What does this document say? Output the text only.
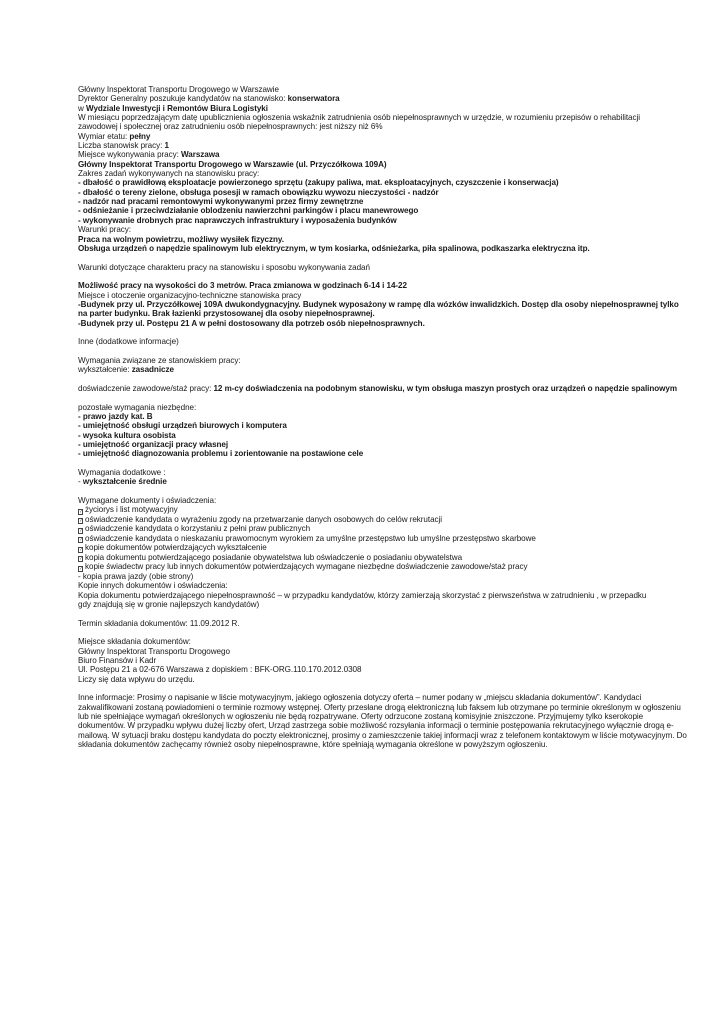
Główny Inspektorat Transportu Drogowego w Warszawie
Dyrektor Generalny poszukuje kandydatów na stanowisko: konserwatora
w Wydziale Inwestycji i Remontów Biura Logistyki
W miesiącu poprzedzającym datę upublicznienia ogłoszenia wskaźnik zatrudnienia osób niepełnosprawnych w urzędzie, w rozumieniu przepisów o rehabilitacji
zawodowej i społecznej oraz zatrudnieniu osób niepełnosprawnych: jest niższy niż 6%
Wymiar etatu: pełny
Liczba stanowisk pracy: 1
Miejsce wykonywania pracy: Warszawa
Główny Inspektorat Transportu Drogowego w Warszawie (ul. Przyczółkowa 109A)
Zakres zadań wykonywanych na stanowisku pracy:
- dbałość o prawidłową eksploatacje powierzonego sprzętu (zakupy paliwa, mat. eksploatacyjnych, czyszczenie i konserwacja)
- dbałość o tereny zielone, obsługa posesji w ramach obowiązku wywozu nieczystości - nadzór
- nadzór nad pracami remontowymi wykonywanymi przez firmy zewnętrzne
- odśnieżanie i przeciwdziałanie oblodzeniu nawierzchni parkingów i placu manewrowego
- wykonywanie drobnych prac naprawczych infrastruktury i wyposażenia budynków
Warunki pracy:
Praca na wolnym powietrzu, możliwy wysiłek fizyczny.
Obsługa urządzeń o napędzie spalinowym lub elektrycznym, w tym kosiarka, odśnieżarka, piła spalinowa, podkaszarka elektryczna itp.
Warunki dotyczące charakteru pracy na stanowisku i sposobu wykonywania zadań
Możliwość pracy na wysokości do 3 metrów. Praca zmianowa w godzinach 6-14 i 14-22
Miejsce i otoczenie organizacyjno-techniczne stanowiska pracy
-Budynek przy ul. Przyczółkowej 109A dwukondygnacyjny. Budynek wyposażony w rampę dla wózków inwalidzkich. Dostęp dla osoby niepełnosprawnej tylko
na parter budynku. Brak łazienki przystosowanej dla osoby niepełnosprawnej.
-Budynek przy ul. Postępu 21 A w pełni dostosowany dla potrzeb osób niepełnosprawnych.
Inne (dodatkowe informacje)
Wymagania związane ze stanowiskiem pracy:
wykształcenie: zasadnicze
doświadczenie zawodowe/staż pracy: 12 m-cy doświadczenia na podobnym stanowisku, w tym obsługa maszyn prostych oraz urządzeń o napędzie spalinowym
pozostałe wymagania niezbędne:
- prawo jazdy kat. B
- umiejętność obsługi urządzeń biurowych i komputera
- wysoka kultura osobista
- umiejętność organizacji pracy własnej
- umiejętność diagnozowania problemu i zorientowanie na postawione cele
Wymagania dodatkowe :
- wykształcenie średnie
Wymagane dokumenty i oświadczenia:
? życiorys i list motywacyjny
? oświadczenie kandydata o wyrażeniu zgody na przetwarzanie danych osobowych do celów rekrutacji
? oświadczenie kandydata o korzystaniu z pełni praw publicznych
? oświadczenie kandydata o nieskazaniu prawomocnym wyrokiem za umyślne przestępstwo lub umyślne przestępstwo skarbowe
? kopie dokumentów potwierdzających wykształcenie
? kopia dokumentu potwierdzającego posiadanie obywatelstwa lub oświadczenie o posiadaniu obywatelstwa
? kopie świadectw pracy lub innych dokumentów potwierdzających wymagane niezbędne doświadczenie zawodowe/staż pracy
- kopia prawa jazdy (obie strony)
Kopie innych dokumentów i oświadczenia:
Kopia dokumentu potwierdzającego niepełnosprawność – w przypadku kandydatów, którzy zamierzają skorzystać z pierwszeństwa w zatrudnieniu , w przepadku
gdy znajdują się w gronie najlepszych kandydatów)
Termin składania dokumentów: 11.09.2012 R.
Miejsce składania dokumentów:
Główny Inspektorat Transportu Drogowego
Biuro Finansów i Kadr
Ul. Postępu 21 a 02-676 Warszawa z dopiskiem : BFK-ORG.110.170.2012.0308
Liczy się data wpływu do urzędu.
Inne informacje: Prosimy o napisanie w liście motywacyjnym, jakiego ogłoszenia dotyczy oferta – numer podany w „miejscu składania dokumentów”. Kandydaci zakwalifikowani zostaną powiadomieni o terminie rozmowy wstępnej. Oferty przesłane drogą elektroniczną lub faksem lub otrzymane po terminie określonym w ogłoszeniu lub nie spełniające wymagań określonych w ogłoszeniu nie będą rozpatrywane. Oferty odrzucone zostaną komisyjnie zniszczone. Przyjmujemy tylko kserokopie dokumentów. W przypadku wpływu dużej liczby ofert, Urząd zastrzega sobie możliwość rozsyłania informacji o terminie postępowania rekrutacyjnego wyłącznie drogą e-mailową. W sytuacji braku dostępu kandydata do poczty elektronicznej, prosimy o zamieszczenie takiej informacji wraz z telefonem kontaktowym w liście motywacyjnym. Do składania dokumentów zachęcamy również osoby niepełnosprawne, które spełniają wymagania określone w powyższym ogłoszeniu.
